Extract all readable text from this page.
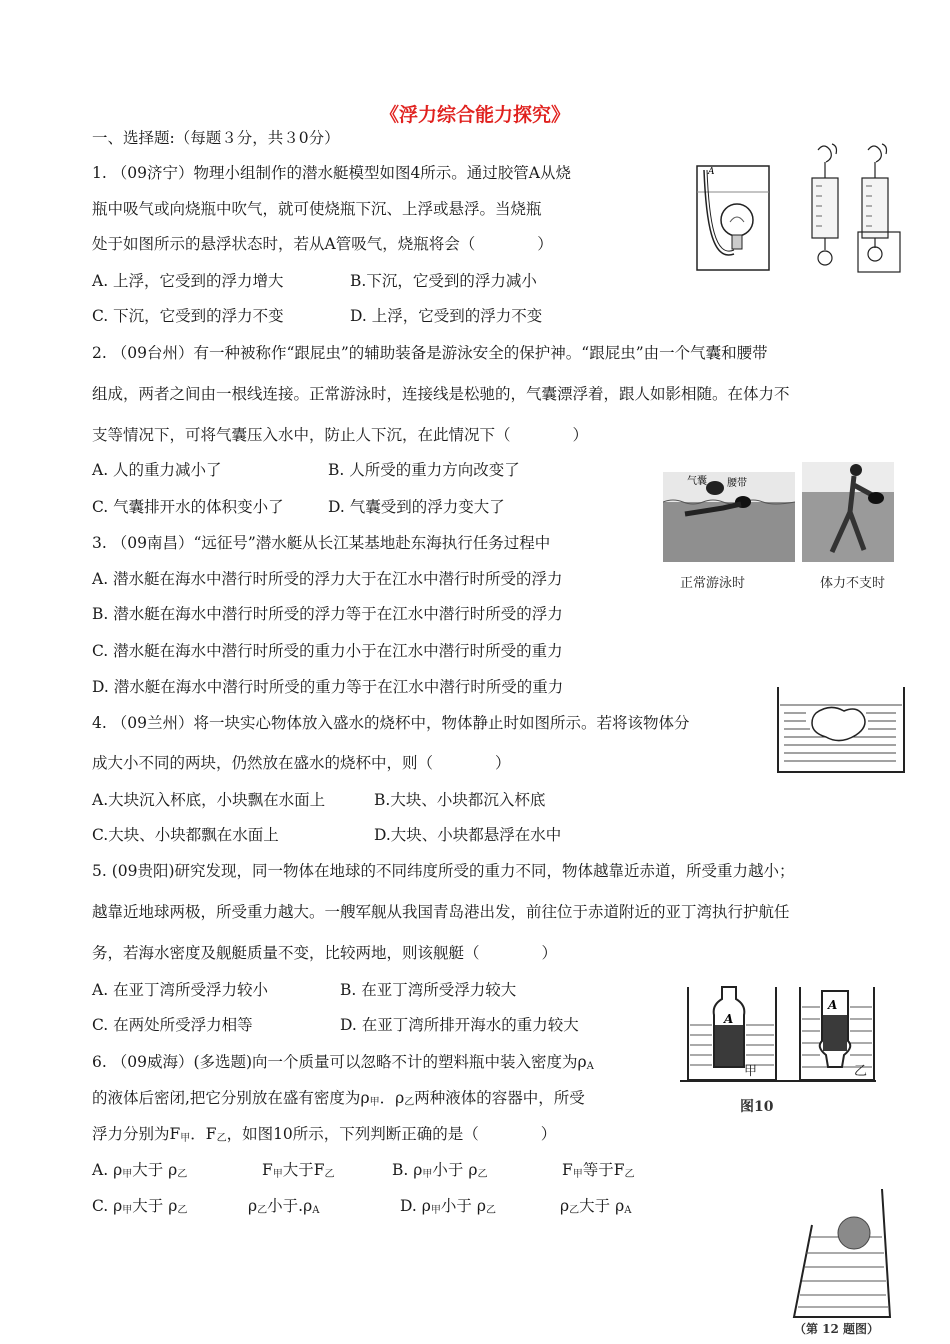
《浮力综合能力探究》
一、选择题:（每题３分，共３0分）
1. （09济宁）物理小组制作的潜水艇模型如图4所示。通过胶管A从烧
瓶中吸气或向烧瓶中吹气，就可使烧瓶下沉、上浮或悬浮。当烧瓶
处于如图所示的悬浮状态时，若从A管吸气，烧瓶将会（　　　　）
A. 上浮，它受到的浮力增大	B.下沉，它受到的浮力减小
C. 下沉，它受到的浮力不变	D. 上浮，它受到的浮力不变
A
2. （09台州）有一种被称作“跟屁虫”的辅助装备是游泳安全的保护神。“跟屁虫”由一个气囊和腰带
组成，两者之间由一根线连接。正常游泳时，连接线是松驰的，气囊漂浮着，跟人如影相随。在体力不
支等情况下，可将气囊压入水中，防止人下沉，在此情况下（　　　　）
A. 人的重力减小了	B. 人所受的重力方向改变了
C. 气囊排开水的体积变小了	D. 气囊受到的浮力变大了
气囊 腰带
正常游泳时	体力不支时
3. （09南昌）“远征号”潜水艇从长江某基地赴东海执行任务过程中
A. 潜水艇在海水中潜行时所受的浮力大于在江水中潜行时所受的浮力
B. 潜水艇在海水中潜行时所受的浮力等于在江水中潜行时所受的浮力
C. 潜水艇在海水中潜行时所受的重力小于在江水中潜行时所受的重力
D. 潜水艇在海水中潜行时所受的重力等于在江水中潜行时所受的重力
4. （09兰州）将一块实心物体放入盛水的烧杯中，物体静止时如图所示。若将该物体分
成大小不同的两块，仍然放在盛水的烧杯中，则（　　　　）
A.大块沉入杯底，小块飘在水面上	B.大块、小块都沉入杯底
C.大块、小块都飘在水面上	D.大块、小块都悬浮在水中
5. (09贵阳)研究发现，同一物体在地球的不同纬度所受的重力不同，物体越靠近赤道，所受重力越小；
越靠近地球两极，所受重力越大。一艘军舰从我国青岛港出发，前往位于赤道附近的亚丁湾执行护航任
务，若海水密度及舰艇质量不变，比较两地，则该舰艇（　　　　）
A. 在亚丁湾所受浮力较小	B. 在亚丁湾所受浮力较大
C. 在两处所受浮力相等	D. 在亚丁湾所排开海水的重力较大	A
甲
A
乙
图10
6. （09威海）(多选题)向一个质量可以忽略不计的塑料瓶中装入密度为$\rho_A$
的液体后密闭,把它分别放在盛有密度为$\rho_甲$．$\rho_乙$两种液体的容器中，所受
浮力分别为$F_甲$．$F_乙$，如图10所示，下列判断正确的是（　　　　）
A. $\rho_甲$大于 $\rho_乙$	$F_甲$大于$F_乙$	B. $\rho_甲$小于 $\rho_乙$	$F_甲$等于$F_乙$
C. $\rho_甲$大于 $\rho_乙$	$\rho_乙$小于$.\rho_A$	D. $\rho_甲$小于 $\rho_乙$	$\rho_乙$大于 $\rho_A$
（第 12 题图）
